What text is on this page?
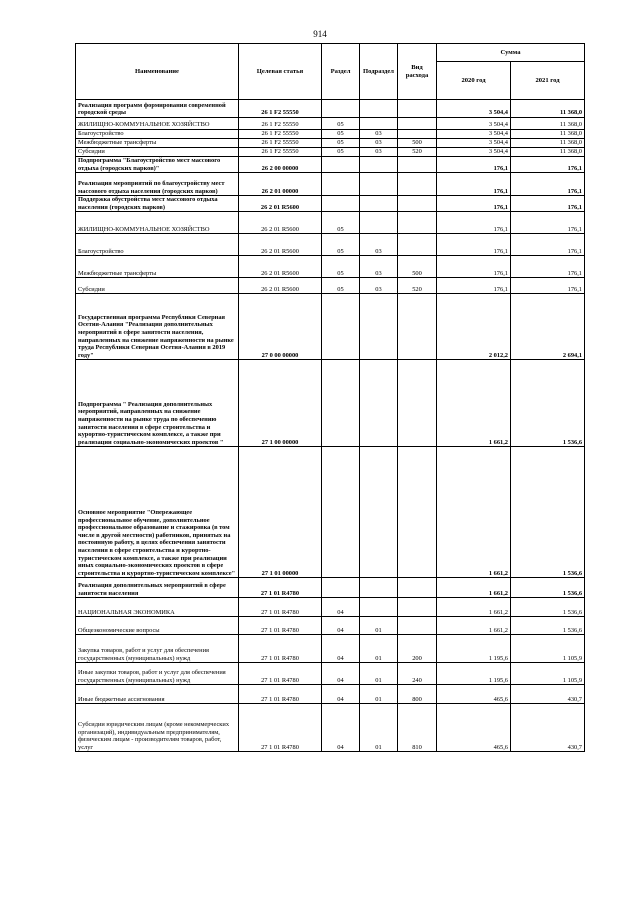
914
Наименование	Целевая статья	Раздел	Подраздел	Вид расхода	Сумма	
					2020 год	2021 год
Реализация программ формирования современной городской среды	26 1 F2 55550				3 504,4	11 368,0
ЖИЛИЩНО-КОММУНАЛЬНОЕ ХОЗЯЙСТВО	26 1 F2 55550	05			3 504,4	11 368,0
Благоустройство	26 1 F2 55550	05	03		3 504,4	11 368,0
Межбюджетные трансферты	26 1 F2 55550	05	03	500	3 504,4	11 368,0
Субсидии	26 1 F2 55550	05	03	520	3 504,4	11 368,0
Подпрограмма "Благоустройство мест массового отдыха (городских парков)"	26 2 00 00000				176,1	176,1
Реализация мероприятий по благоустройству мест массового отдыха населения (городских парков)	26 2 01 00000				176,1	176,1
Поддержка обустройства мест массового отдыха населения (городских парков)	26 2 01 R5600				176,1	176,1
ЖИЛИЩНО-КОММУНАЛЬНОЕ ХОЗЯЙСТВО	26 2 01 R5600	05			176,1	176,1
Благоустройство	26 2 01 R5600	05	03		176,1	176,1
Межбюджетные трансферты	26 2 01 R5600	05	03	500	176,1	176,1
Субсидии	26 2 01 R5600	05	03	520	176,1	176,1
Государственная программа Республики Северная Осетия-Алания "Реализация дополнительных мероприятий в сфере занятости населения, направленных на снижение напряженности на рынке труда Республики Северная Осетия-Алания в 2019 году"	27 0 00 00000				2 012,2	2 694,1
Подпрограмма " Реализация дополнительных мероприятий, направленных на снижение напряженности на рынке труда по обеспечению занятости населения в сфере строительства и курортно-туристическом комплексе, а также при реализации социально-экономических проектов "	27 1 00 00000				1 661,2	1 536,6
Основное мероприятие "Опережающее профессиональное обучение, дополнительное профессиональное образование и стажировка (в том числе в другой местности) работников, принятых на постоянную работу, в целях обеспечения занятости населения в сфере строительства и курортно-туристическом комплексе, а также при реализации иных социально-экономических проектов в сфере строительства и курортно-туристическом комплексе"	27 1 01 00000				1 661,2	1 536,6
Реализация дополнительных мероприятий в сфере занятости населения	27 1 01 R4780				1 661,2	1 536,6
НАЦИОНАЛЬНАЯ ЭКОНОМИКА	27 1 01 R4780	04			1 661,2	1 536,6
Общеэкономические вопросы	27 1 01 R4780	04	01		1 661,2	1 536,6
Закупка товаров, работ и услуг для обеспечения государственных (муниципальных) нужд	27 1 01 R4780	04	01	200	1 195,6	1 105,9
Иные закупки товаров, работ и услуг для обеспечения государственных (муниципальных) нужд	27 1 01 R4780	04	01	240	1 195,6	1 105,9
Иные бюджетные ассигнования	27 1 01 R4780	04	01	800	465,6	430,7
Субсидии юридическим лицам (кроме некоммерческих организаций), индивидуальным предпринимателям, физическим лицам - производителям товаров, работ, услуг	27 1 01 R4780	04	01	810	465,6	430,7
